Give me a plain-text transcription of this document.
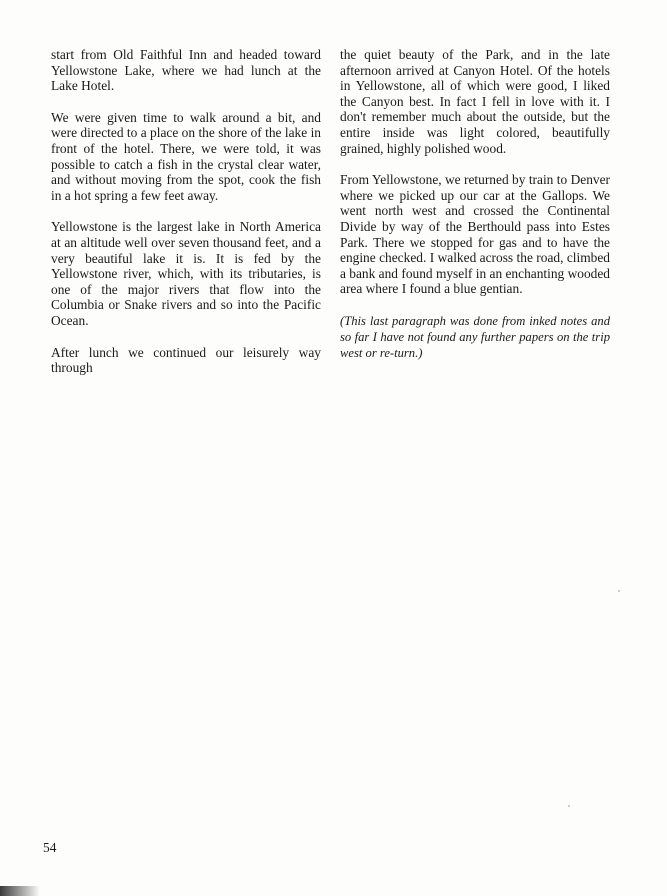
start from Old Faithful Inn and headed toward Yellowstone Lake, where we had lunch at the Lake Hotel.

We were given time to walk around a bit, and were directed to a place on the shore of the lake in front of the hotel. There, we were told, it was possible to catch a fish in the crystal clear water, and without moving from the spot, cook the fish in a hot spring a few feet away.

Yellowstone is the largest lake in North America at an altitude well over seven thousand feet, and a very beautiful lake it is. It is fed by the Yellowstone river, which, with its tributaries, is one of the major rivers that flow into the Columbia or Snake rivers and so into the Pacific Ocean.

After lunch we continued our leisurely way through

the quiet beauty of the Park, and in the late afternoon arrived at Canyon Hotel. Of the hotels in Yellowstone, all of which were good, I liked the Canyon best. In fact I fell in love with it. I don't remember much about the outside, but the entire inside was light colored, beautifully grained, highly polished wood.

From Yellowstone, we returned by train to Denver where we picked up our car at the Gallops. We went north west and crossed the Continental Divide by way of the Berthould pass into Estes Park. There we stopped for gas and to have the engine checked. I walked across the road, climbed a bank and found myself in an enchanting wooded area where I found a blue gentian.

(This last paragraph was done from inked notes and so far I have not found any further papers on the trip west or re-turn.)

54
